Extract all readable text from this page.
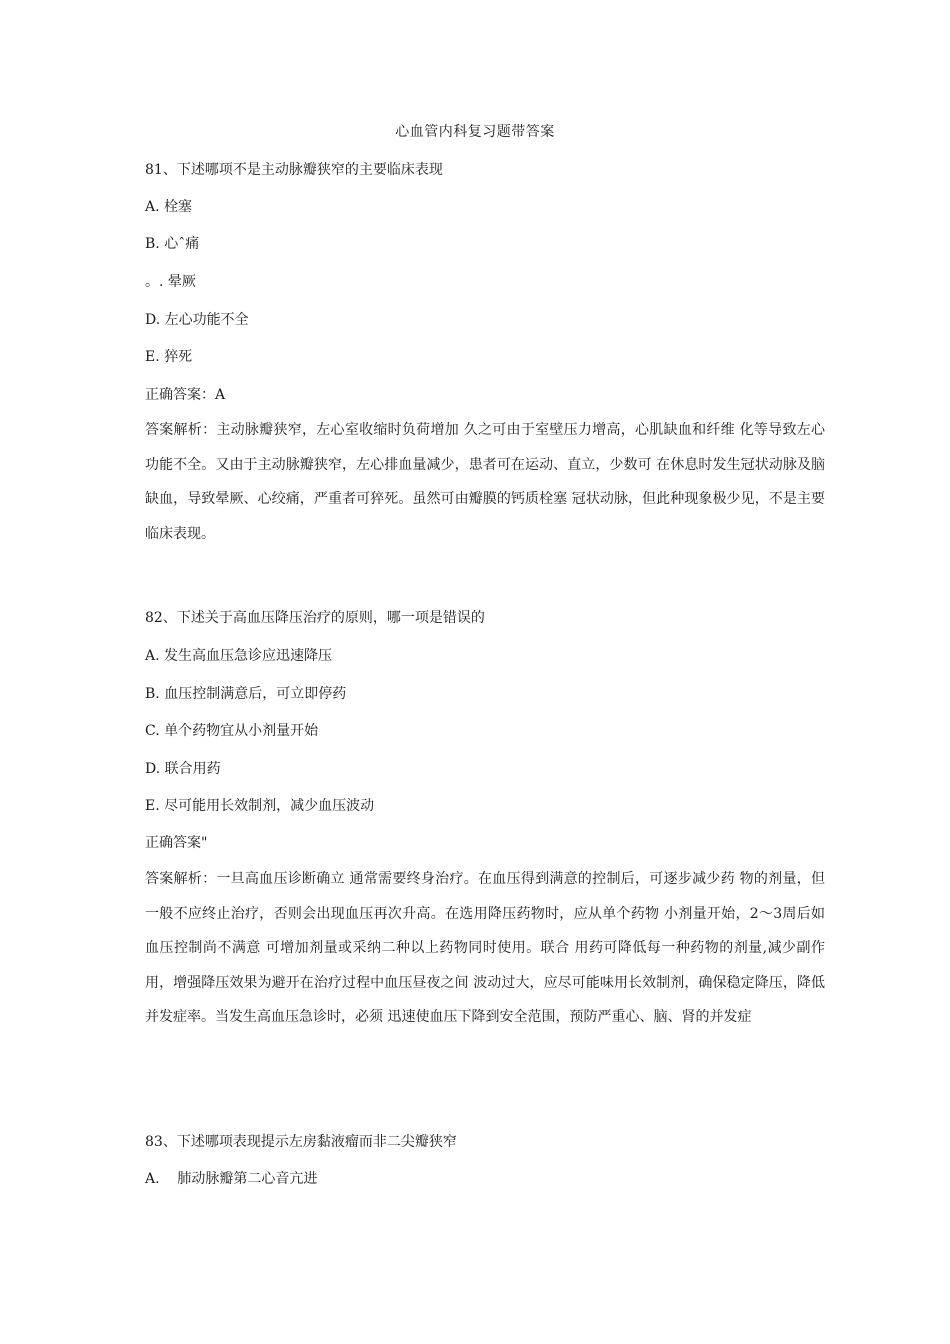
心血管内科复习题带答案
81、下述哪项不是主动脉瓣狭窄的主要临床表现
A. 栓塞
B. 心ˆ痛
。. 晕厥
D. 左心功能不全
E. 猝死
正确答案：A
答案解析：主动脉瓣狭窄，左心室收缩时负荷增加 久之可由于室壁压力增高，心肌缺血和纤维 化等导致左心功能不全。又由于主动脉瓣狭窄，左心排血量减少，患者可在运动、直立，少数可 在休息时发生冠状动脉及脑缺血，导致晕厥、心绞痛，严重者可猝死。虽然可由瓣膜的钙质栓塞 冠状动脉，但此种现象极少见，不是主要临床表现。
82、下述关于高血压降压治疗的原则，哪一项是错误的
A. 发生高血压急诊应迅速降压
B. 血压控制满意后，可立即停药
C. 单个药物宜从小剂量开始
D. 联合用药
E. 尽可能用长效制剂，减少血压波动
正确答案"
答案解析：一旦高血压诊断确立 通常需要终身治疗。在血压得到满意的控制后，可逐步减少药 物的剂量，但一般不应终止治疗，否则会出现血压再次升高。在选用降压药物时，应从单个药物 小剂量开始，2〜3周后如血压控制尚不满意 可增加剂量或采纳二种以上药物同时使用。联合 用药可降低每一种药物的剂量,减少副作用，增强降压效果为避开在治疗过程中血压昼夜之间 波动过大，应尽可能味用长效制剂，确保稳定降压，降低并发症率。当发生高血压急诊时，必须 迅速使血压下降到安全范围，预防严重心、脑、肾的并发症
83、下述哪项表现提示左房黏液瘤而非二尖瓣狭窄
A.    肺动脉瓣第二心音亢进
